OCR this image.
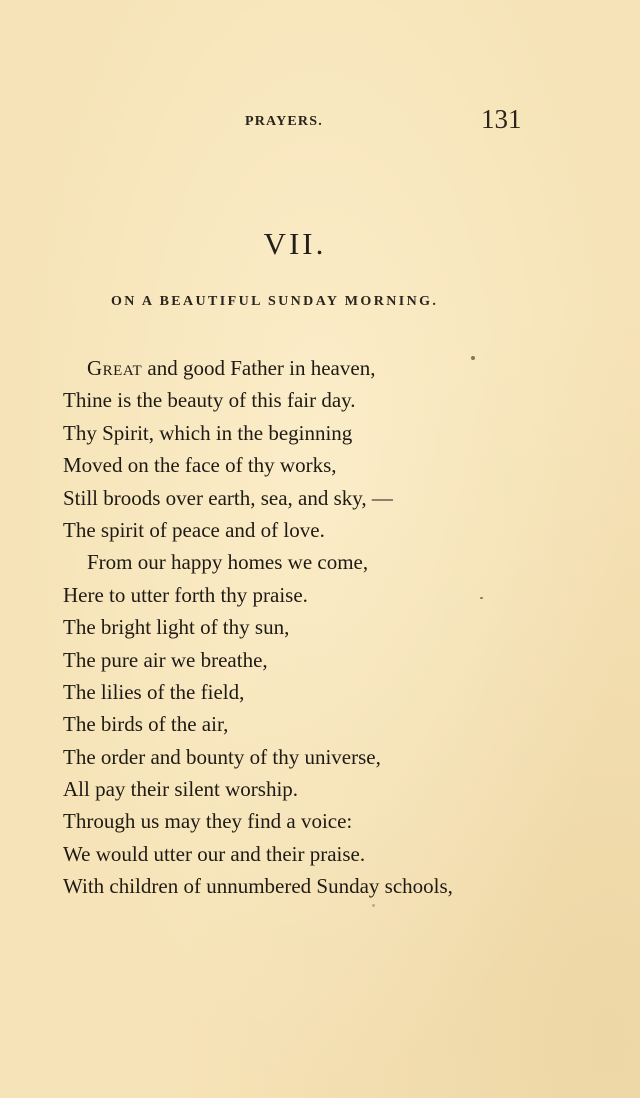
PRAYERS.	131
VII.
ON A BEAUTIFUL SUNDAY MORNING.
Great and good Father in heaven,
Thine is the beauty of this fair day.
Thy Spirit, which in the beginning
Moved on the face of thy works,
Still broods over earth, sea, and sky, —
The spirit of peace and of love.
From our happy homes we come,
Here to utter forth thy praise.
The bright light of thy sun,
The pure air we breathe,
The lilies of the field,
The birds of the air,
The order and bounty of thy universe,
All pay their silent worship.
Through us may they find a voice:
We would utter our and their praise.
With children of unnumbered Sunday schools,
